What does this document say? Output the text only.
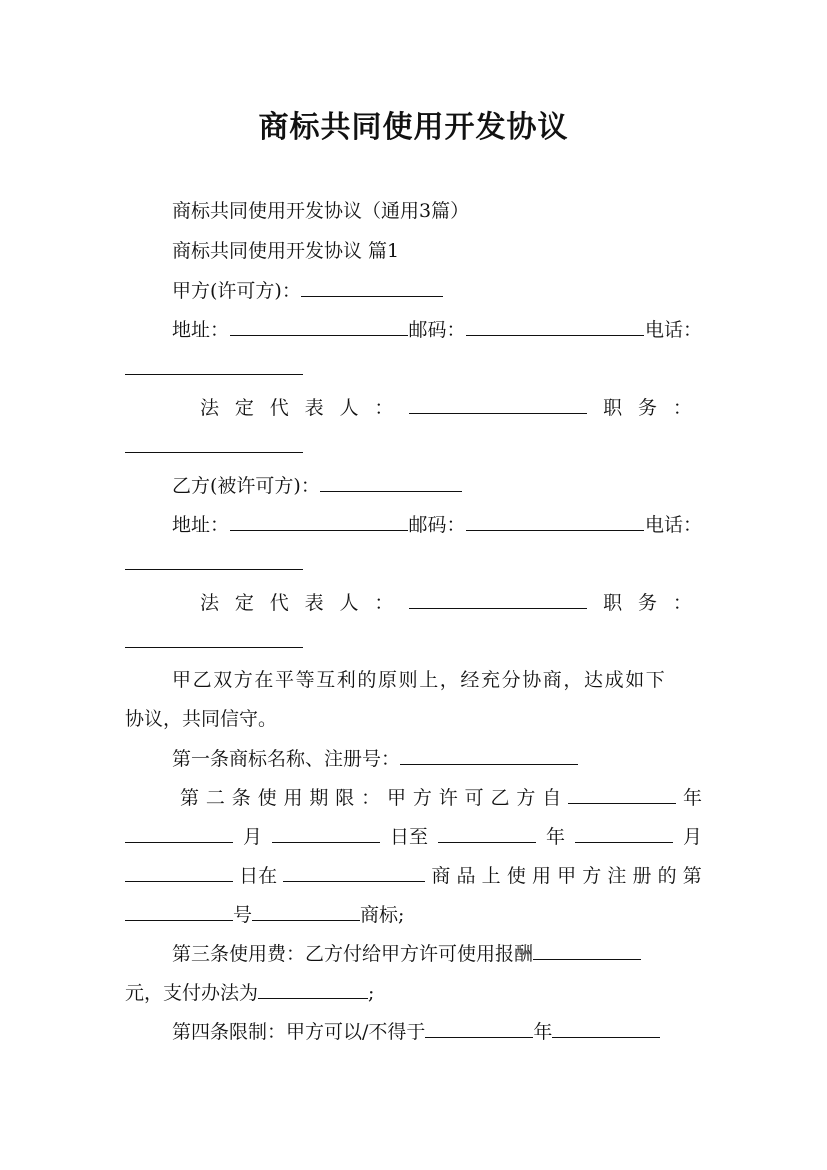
商标共同使用开发协议
商标共同使用开发协议（通用3篇）
商标共同使用开发协议 篇1
甲方(许可方)：
地址：	邮码：	电话：
法 定 代 表 人 ：	职 务 ：
乙方(被许可方)：
地址：	邮码：	电话：
法 定 代 表 人 ：	职 务 ：
甲乙双方在平等互利的原则上，经充分协商，达成如下
协议，共同信守。
第一条商标名称、注册号：
第 二 条 使 用 期 限 ： 甲 方 许 可 乙 方 自	年
月	日至	年	月
日在	商 品 上 使 用 甲 方 注 册 的 第
号	商标;
第三条使用费：乙方付给甲方许可使用报酬
元，支付办法为	;
第四条限制：甲方可以/不得于	年
